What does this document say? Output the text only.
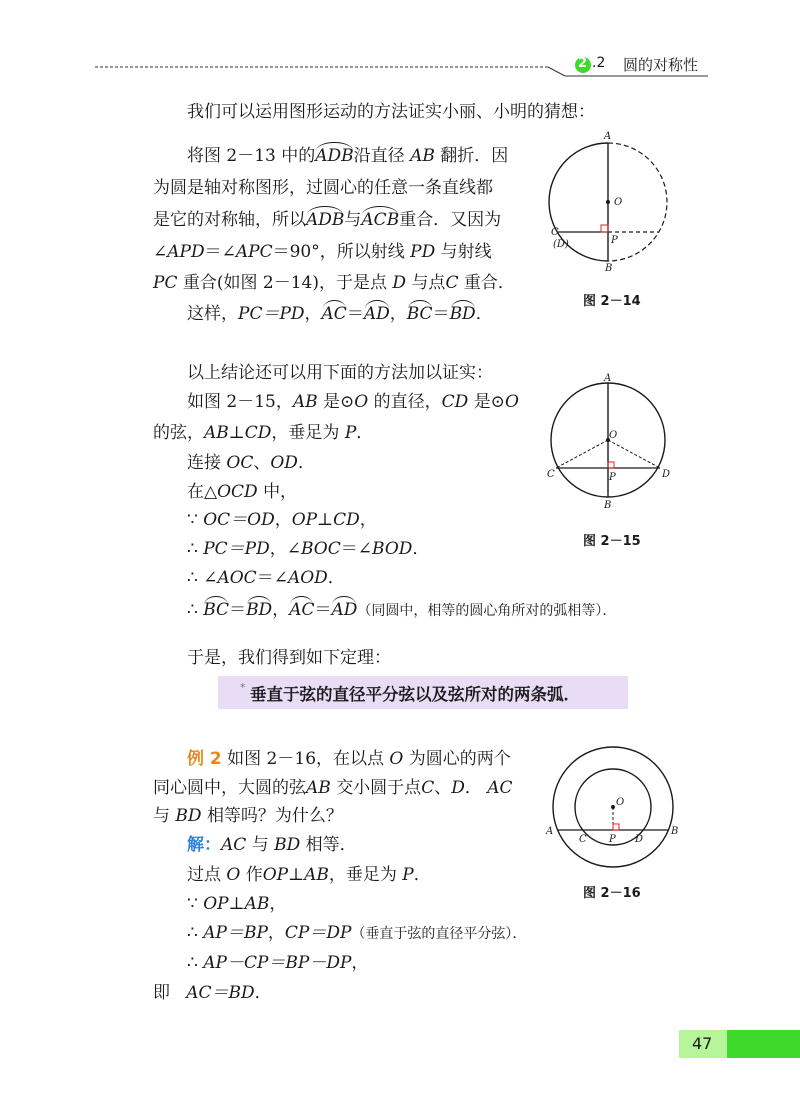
2 .2 圆的对称性
我们可以运用图形运动的方法证实小丽、小明的猜想：
将图 2－13 中的ADB沿直径 AB 翻折．因
为圆是轴对称图形，过圆心的任意一条直线都
是它的对称轴，所以ADB与ACB重合．又因为
∠APD＝∠APC＝90°，所以射线 PD 与射线
PC 重合(如图 2－14)，于是点 D 与点C 重合．
这样，PC＝PD，AC＝AD，BC＝BD．
A
O
C
(D)	P
B
图 2－14
以上结论还可以用下面的方法加以证实：
如图 2－15，AB 是⊙O 的直径，CD 是⊙O
的弦，AB⊥CD，垂足为 P．
连接 OC、OD．
在△OCD 中，
∵ OC＝OD，OP⊥CD，
∴ PC＝PD，∠BOC＝∠BOD．
∴ ∠AOC＝∠AOD．
∴ BC＝BD，AC＝AD（同圆中，相等的圆心角所对的弧相等）．
A
O
C	P	D
B
图 2－15
于是，我们得到如下定理：
* 垂直于弦的直径平分弦以及弦所对的两条弧．
例 2 如图 2－16，在以点 O 为圆心的两个
同心圆中，大圆的弦AB 交小圆于点C、D． AC
与 BD 相等吗？为什么？
解：AC 与 BD 相等．
过点 O 作OP⊥AB，垂足为 P．
∵ OP⊥AB，
∴ AP＝BP，CP＝DP（垂直于弦的直径平分弦）．
∴ AP－CP＝BP－DP，
即 AC＝BD．
O
A
C P D
B
图 2－16
47
